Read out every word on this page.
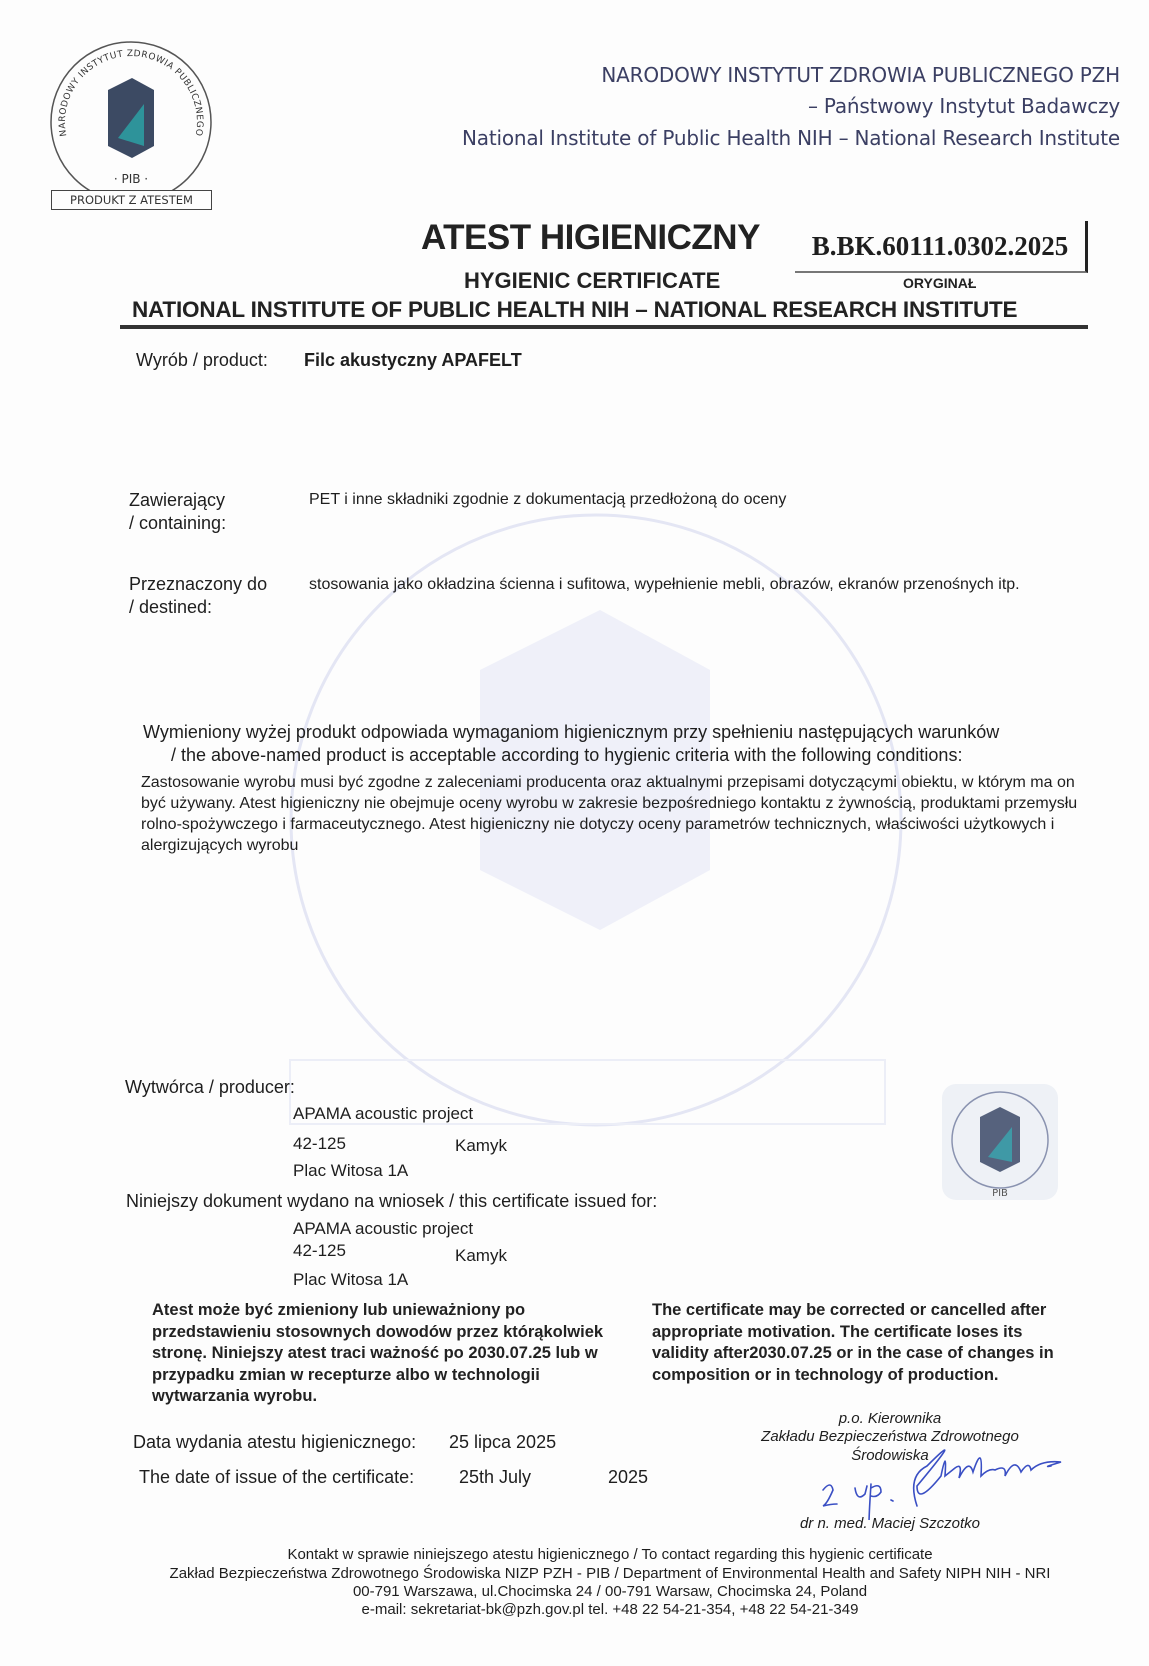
NARODOWY INSTYTUT ZDROWIA PUBLICZNEGO
· PIB ·
PRODUKT Z ATESTEM
NARODOWY INSTYTUT ZDROWIA PUBLICZNEGO PZH
– Państwowy Instytut Badawczy
National Institute of Public Health NIH – National Research Institute
ATEST HIGIENICZNY	B.BK.60111.0302.2025
HYGIENIC CERTIFICATE	ORYGINAŁ
NATIONAL INSTITUTE OF PUBLIC HEALTH NIH – NATIONAL RESEARCH INSTITUTE
Wyrób / product: Filc akustyczny APAFELT
Zawierający
/ containing:
PET i inne składniki zgodnie z dokumentacją przedłożoną do oceny
Przeznaczony do
/ destined:
stosowania jako okładzina ścienna i sufitowa, wypełnienie mebli, obrazów, ekranów przenośnych itp.
Wymieniony wyżej produkt odpowiada wymaganiom higienicznym przy spełnieniu następujących warunków
/ the above-named product is acceptable according to hygienic criteria with the following conditions:
Zastosowanie wyrobu musi być zgodne z zaleceniami producenta oraz aktualnymi przepisami dotyczącymi obiektu, w którym ma on być używany. Atest higieniczny nie obejmuje oceny wyrobu w zakresie bezpośredniego kontaktu z żywnością, produktami przemysłu rolno-spożywczego i farmaceutycznego. Atest higieniczny nie dotyczy oceny parametrów technicznych, właściwości użytkowych i alergizujących wyrobu
Wytwórca / producer:
APAMA acoustic project
42-125	Kamyk
Plac Witosa 1A
Niniejszy dokument wydano na wniosek / this certificate issued for:
APAMA acoustic project
42-125	Kamyk
Plac Witosa 1A
PIB
Atest może być zmieniony lub unieważniony po przedstawieniu stosownych dowodów przez którąkolwiek stronę. Niniejszy atest traci ważność po 2030.07.25 lub w przypadku zmian w recepturze albo w technologii wytwarzania wyrobu.
The certificate may be corrected or cancelled after appropriate motivation. The certificate loses its validity after2030.07.25 or in the case of changes in composition or in technology of production.
Data wydania atestu higienicznego: 25 lipca 2025
The date of issue of the certificate: 25th July	2025
p.o. Kierownika
Zakładu Bezpieczeństwa Zdrowotnego
Środowiska
dr n. med. Maciej Szczotko
Kontakt w sprawie niniejszego atestu higienicznego / To contact regarding this hygienic certificate
Zakład Bezpieczeństwa Zdrowotnego Środowiska NIZP PZH - PIB / Department of Environmental Health and Safety NIPH NIH - NRI
00-791 Warszawa, ul.Chocimska 24 / 00-791 Warsaw, Chocimska 24, Poland
e-mail: sekretariat-bk@pzh.gov.pl tel. +48 22 54-21-354, +48 22 54-21-349
